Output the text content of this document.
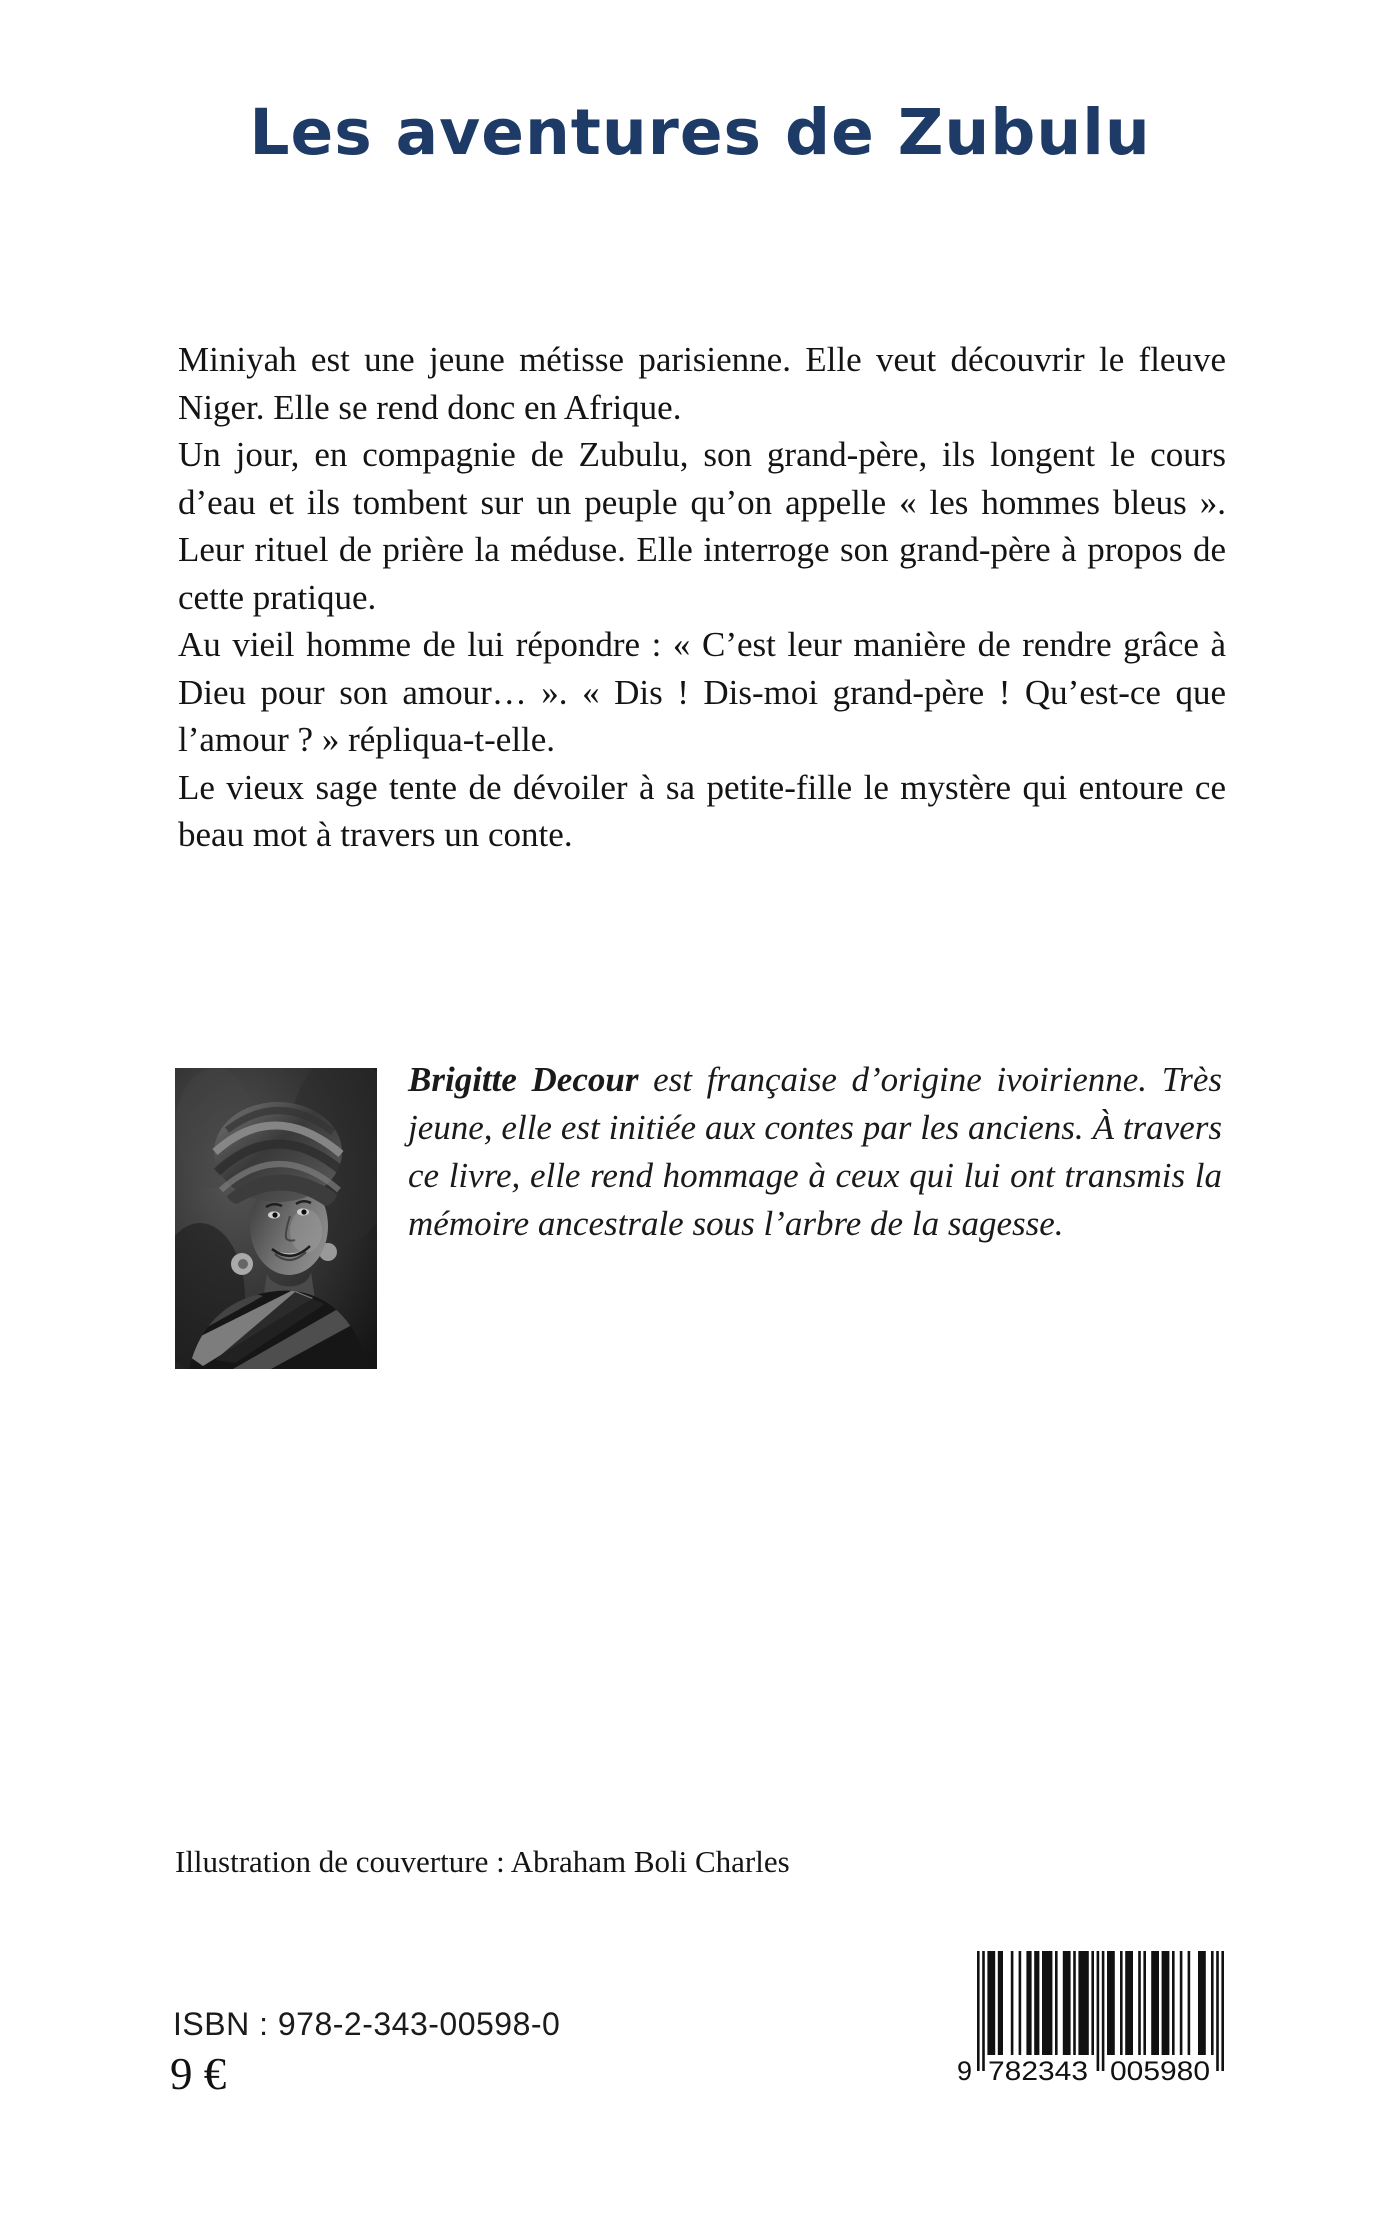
Les aventures de Zubulu

Miniyah est une jeune métisse parisienne. Elle veut découvrir le fleuve Niger. Elle se rend donc en Afrique.

Un jour, en compagnie de Zubulu, son grand-père, ils longent le cours d’eau et ils tombent sur un peuple qu’on appelle « les hommes bleus ». Leur rituel de prière la méduse. Elle interroge son grand-père à propos de cette pratique.

Au vieil homme de lui répondre : « C’est leur manière de rendre grâce à Dieu pour son amour… ». « Dis ! Dis-moi grand-père ! Qu’est-ce que l’amour ? » répliqua-t-elle.

Le vieux sage tente de dévoiler à sa petite-fille le mystère qui entoure ce beau mot à travers un conte.

Brigitte Decour est française d’origine ivoirienne. Très jeune, elle est initiée aux contes par les anciens. À travers ce livre, elle rend hommage à ceux qui lui ont transmis la mémoire ancestrale sous l’arbre de la sagesse.

Illustration de couverture : Abraham Boli Charles

ISBN : 978-2-343-00598-0

9 €	9 782343 005980
